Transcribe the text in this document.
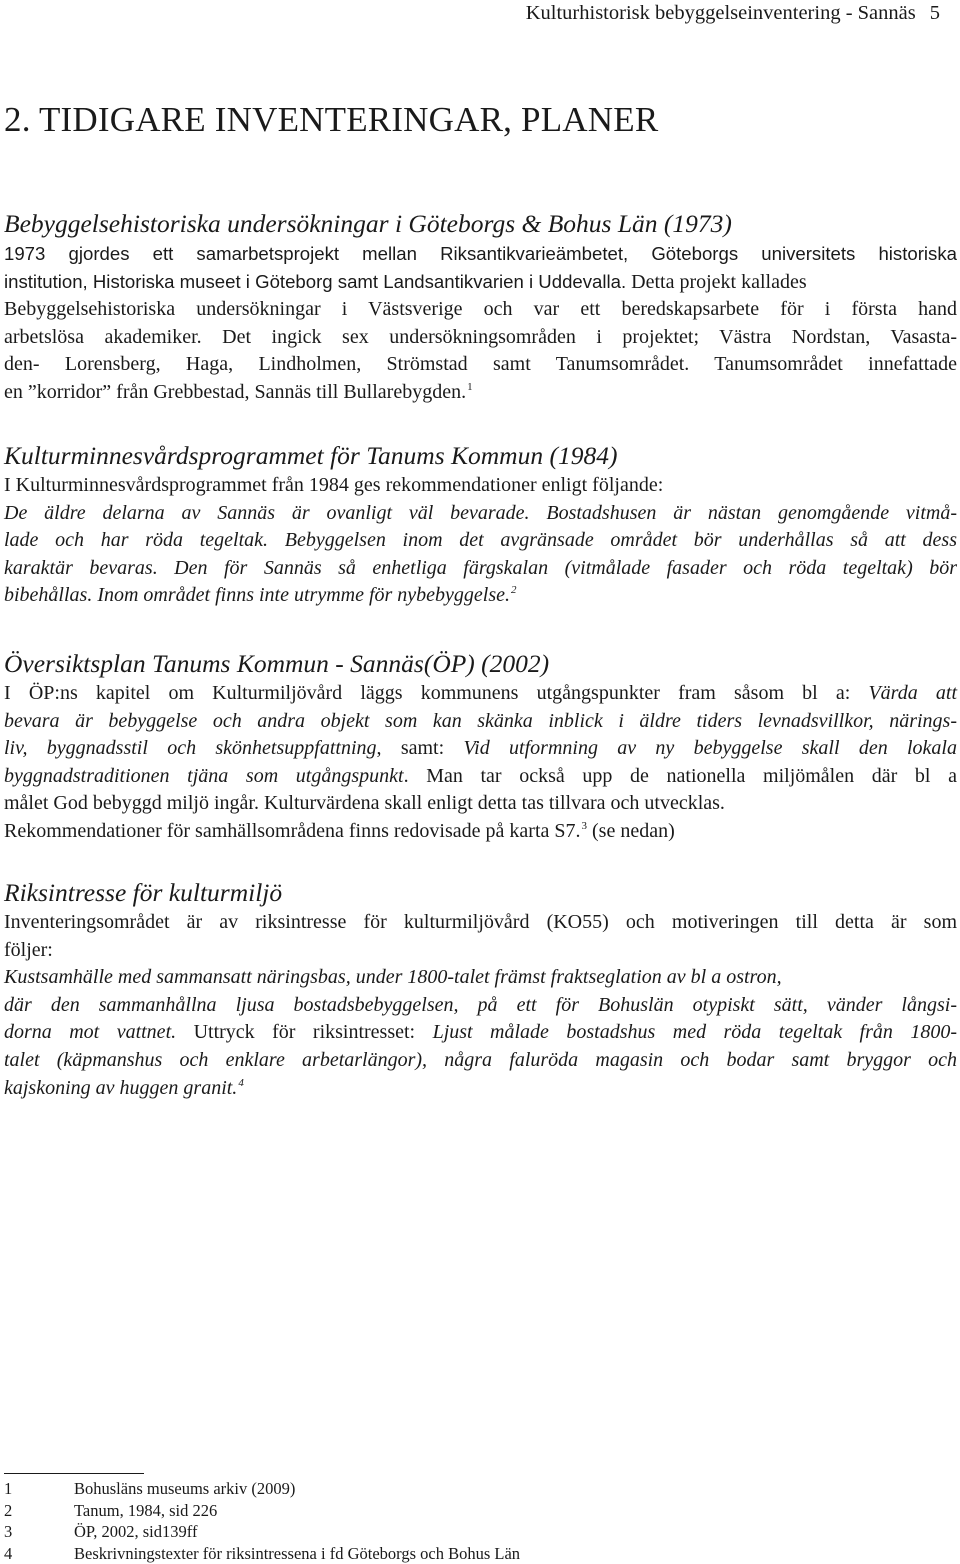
Kulturhistorisk bebyggelseinventering - Sannäs 5
2. TIDIGARE INVENTERINGAR, PLANER
Bebyggelsehistoriska undersökningar i Göteborgs & Bohus Län (1973)
1973 gjordes ett samarbetsprojekt mellan Riksantikvarieämbetet, Göteborgs universitets historiska
institution, Historiska museet i Göteborg samt Landsantikvarien i Uddevalla. Detta projekt kallades
Bebyggelsehistoriska undersökningar i Västsverige och var ett beredskapsarbete för i första hand
arbetslösa akademiker. Det ingick sex undersökningsområden i projektet; Västra Nordstan, Vasasta-
den- Lorensberg, Haga, Lindholmen, Strömstad samt Tanumsområdet. Tanumsområdet innefattade
en ”korridor” från Grebbestad, Sannäs till Bullarebygden.$^1$
Kulturminnesvårdsprogrammet för Tanums Kommun (1984)
I Kulturminnesvårdsprogrammet från 1984 ges rekommendationer enligt följande:
De äldre delarna av Sannäs är ovanligt väl bevarade. Bostadshusen är nästan genomgående vitmå-
lade och har röda tegeltak. Bebyggelsen inom det avgränsade området bör underhållas så att dess
karaktär bevaras. Den för Sannäs så enhetliga färgskalan (vitmålade fasader och röda tegeltak) bör
bibehållas. Inom området finns inte utrymme för nybebyggelse.$^2$
Översiktsplan Tanums Kommun - Sannäs(ÖP) (2002)
I ÖP:ns kapitel om Kulturmiljövård läggs kommunens utgångspunkter fram såsom bl a: Värda att
bevara är bebyggelse och andra objekt som kan skänka inblick i äldre tiders levnadsvillkor, närings-
liv, byggnadsstil och skönhetsuppfattning, samt: Vid utformning av ny bebyggelse skall den lokala
byggnadstraditionen tjäna som utgångspunkt. Man tar också upp de nationella miljömålen där bl a
målet God bebyggd miljö ingår. Kulturvärdena skall enligt detta tas tillvara och utvecklas.
Rekommendationer för samhällsområdena finns redovisade på karta S7.$^3$ (se nedan)
Riksintresse för kulturmiljö
Inventeringsområdet är av riksintresse för kulturmiljövård (KO55) och motiveringen till detta är som
följer:
Kustsamhälle med sammansatt näringsbas, under 1800-talet främst fraktseglation av bl a ostron,
där den sammanhållna ljusa bostadsbebyggelsen, på ett för Bohuslän otypiskt sätt, vänder långsi-
dorna mot vattnet. Uttryck för riksintresset: Ljust målade bostadshus med röda tegeltak från 1800-
talet (käpmanshus och enklare arbetarlängor), några faluröda magasin och bodar samt bryggor och
kajskoning av huggen granit.$^4$
1	Bohusläns museums arkiv (2009)
2	Tanum, 1984, sid 226
3	ÖP, 2002, sid139ff
4	Beskrivningstexter för riksintressena i fd Göteborgs och Bohus Län
